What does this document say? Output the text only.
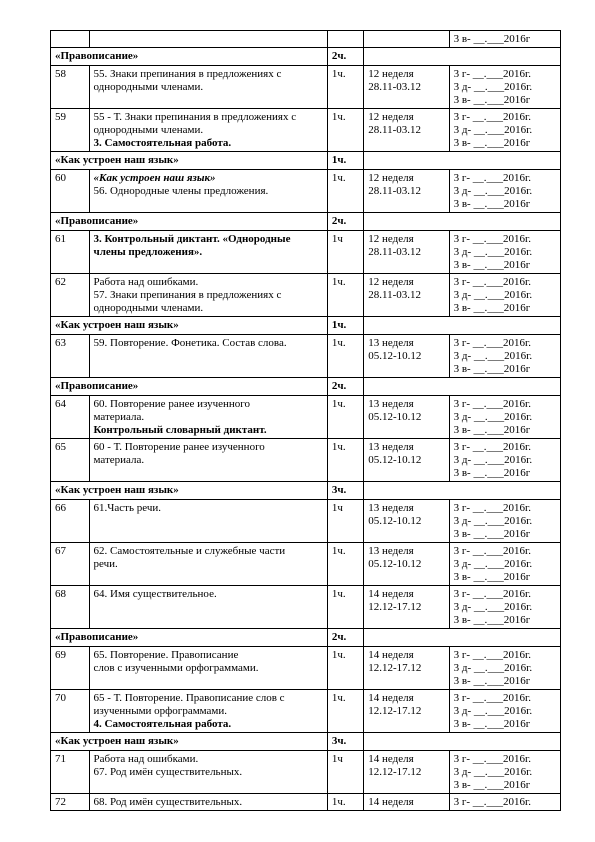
				3 в- __.___2016г

«Правописание»		2ч.		
58	55. Знаки препинания в предложениях с
однородными членами.	1ч.	12 неделя
28.11-03.12	3 г- __.___2016г.
3 д- __.___2016г.
3 в- __.___2016г

59	55 - Т. Знаки препинания в предложениях с
однородными членами.
3. Самостоятельная работа.	1ч.	12 неделя
28.11-03.12	3 г- __.___2016г.
3 д- __.___2016г.
3 в- __.___2016г

«Как устроен наш язык»		1ч.		
60	«Как устроен наш язык»
56. Однородные члены предложения.	1ч.	12 неделя
28.11-03.12	3 г- __.___2016г.
3 д- __.___2016г.
3 в- __.___2016г

«Правописание»		2ч.		
61	3. Контрольный диктант. «Однородные
члены предложения».	1ч	12 неделя
28.11-03.12	3 г- __.___2016г.
3 д- __.___2016г.
3 в- __.___2016г

62	Работа над ошибками.
57. Знаки препинания в предложениях с
однородными членами.	1ч.	12 неделя
28.11-03.12	3 г- __.___2016г.
3 д- __.___2016г.
3 в- __.___2016г

«Как устроен наш язык»		1ч.		
63	59. Повторение. Фонетика. Состав слова.	1ч.	13 неделя
05.12-10.12	3 г- __.___2016г.
3 д- __.___2016г.
3 в- __.___2016г

«Правописание»		2ч.		
64	60. Повторение ранее изученного
материала.
Контрольный словарный диктант.	1ч.	13 неделя
05.12-10.12	3 г- __.___2016г.
3 д- __.___2016г.
3 в- __.___2016г

65	60 - Т. Повторение ранее изученного
материала.	1ч.	13 неделя
05.12-10.12	3 г- __.___2016г.
3 д- __.___2016г.
3 в- __.___2016г

«Как устроен наш язык»		3ч.		
66	61.Часть речи.	1ч	13 неделя
05.12-10.12	3 г- __.___2016г.
3 д- __.___2016г.
3 в- __.___2016г

67	62. Самостоятельные и служебные части
речи.	1ч.	13 неделя
05.12-10.12	3 г- __.___2016г.
3 д- __.___2016г.
3 в- __.___2016г

68	64. Имя существительное.	1ч.	14 неделя
12.12-17.12	3 г- __.___2016г.
3 д- __.___2016г.
3 в- __.___2016г

«Правописание»		2ч.		
69	65. Повторение. Правописание
слов с изученными орфограммами.	1ч.	14 неделя
12.12-17.12	3 г- __.___2016г.
3 д- __.___2016г.
3 в- __.___2016г

70	65 - Т. Повторение. Правописание слов с
изученными орфограммами.
4. Самостоятельная работа.	1ч.	14 неделя
12.12-17.12	3 г- __.___2016г.
3 д- __.___2016г.
3 в- __.___2016г

«Как устроен наш язык»		3ч.		
71	Работа над ошибками.
67. Род имён существительных.	1ч	14 неделя
12.12-17.12	3 г- __.___2016г.
3 д- __.___2016г.
3 в- __.___2016г

72	68. Род имён существительных.	1ч.	14 неделя	3 г- __.___2016г.
